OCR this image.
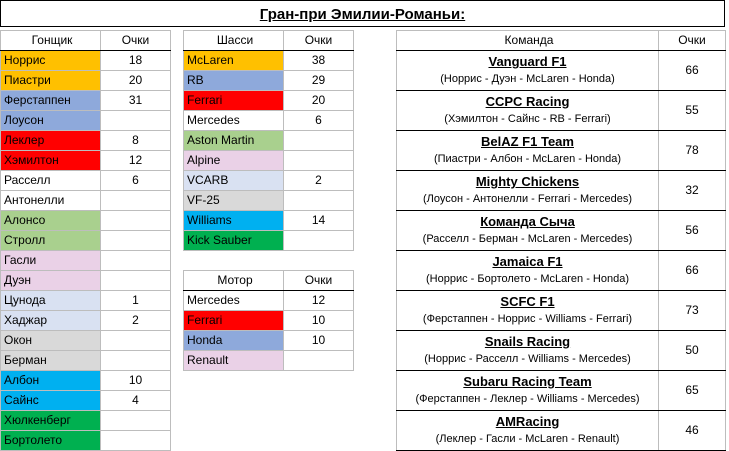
Гран-при Эмилии-Романьи:
Гонщик	Очки
Норрис	18
Пиастри	20
Ферстаппен	31
Лоусон	
Леклер	8
Хэмилтон	12
Расселл	6
Антонелли	
Алонсо	
Стролл	
Гасли	
Дуэн	
Цунода	1
Хаджар	2
Окон	
Берман	
Албон	10
Сайнс	4
Хюлкенберг	
Бортолето	
Шасси	Очки
McLaren	38
RB	29
Ferrari	20
Mercedes	6
Aston Martin	
Alpine	
VCARB	2
VF-25	
Williams	14
Kick Sauber	
Мотор	Очки
Mercedes	12
Ferrari	10
Honda	10
Renault	
Команда	Очки

Vanguard F1
(Норрис - Дуэн - McLaren - Honda)	66

CCPC Racing
(Хэмилтон - Сайнс - RB - Ferrari)	55

BelAZ F1 Team
(Пиастри - Албон - McLaren - Honda)	78

Mighty Chickens
(Лоусон - Антонелли - Ferrari - Mercedes)	32

Команда Сыча
(Расселл - Берман - McLaren - Mercedes)	56

Jamaica F1
(Норрис - Бортолето - McLaren - Honda)	66

SCFC F1
(Ферстаппен - Норрис - Williams - Ferrari)	73

Snails Racing
(Норрис - Расселл - Williams - Mercedes)	50

Subaru Racing Team
(Ферстаппен - Леклер - Williams - Mercedes)	65

AMRacing
(Леклер - Гасли - McLaren - Renault)	46
